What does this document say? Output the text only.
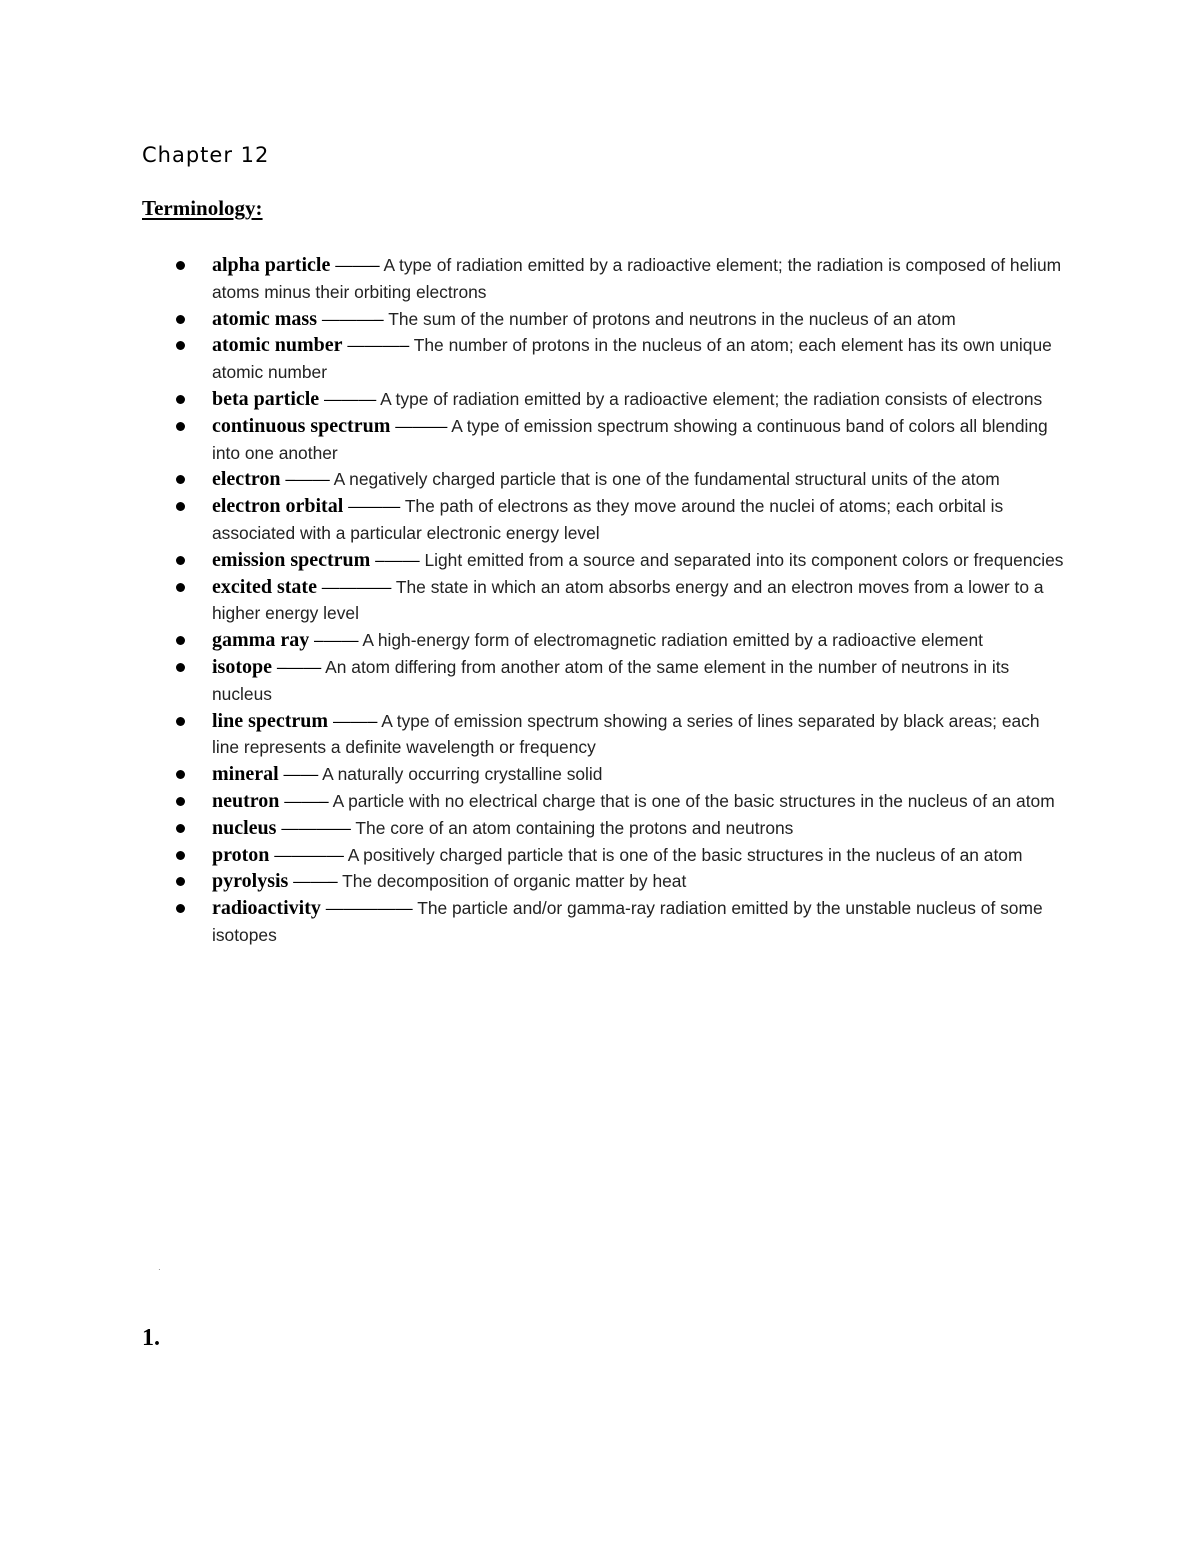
Chapter 12
Terminology:
alpha particle ——– A type of radiation emitted by a radioactive element; the radiation is composed of helium atoms minus their orbiting electrons
atomic mass ———– The sum of the number of protons and neutrons in the nucleus of an atom
atomic number ———– The number of protons in the nucleus of an atom; each element has its own unique atomic number
beta particle ——— A type of radiation emitted by a radioactive element; the radiation consists of electrons
continuous spectrum ——— A type of emission spectrum showing a continuous band of colors all blending into one another
electron –—— A negatively charged particle that is one of the fundamental structural units of the atom
electron orbital ——— The path of electrons as they move around the nuclei of atoms; each orbital is associated with a particular electronic energy level
emission spectrum –—— Light emitted from a source and separated into its component colors or frequencies
excited state ———— The state in which an atom absorbs energy and an electron moves from a lower to a higher energy level
gamma ray –—— A high-energy form of electromagnetic radiation emitted by a radioactive element
isotope –—— An atom differing from another atom of the same element in the number of neutrons in its nucleus
line spectrum ——– A type of emission spectrum showing a series of lines separated by black areas; each line represents a definite wavelength or frequency
mineral —— A naturally occurring crystalline solid
neutron ——– A particle with no electrical charge that is one of the basic structures in the nucleus of an atom
nucleus ———— The core of an atom containing the protons and neutrons
proton ———— A positively charged particle that is one of the basic structures in the nucleus of an atom
pyrolysis ——– The decomposition of organic matter by heat
radioactivity ————— The particle and/or gamma-ray radiation emitted by the unstable nucleus of some isotopes
·
1.
